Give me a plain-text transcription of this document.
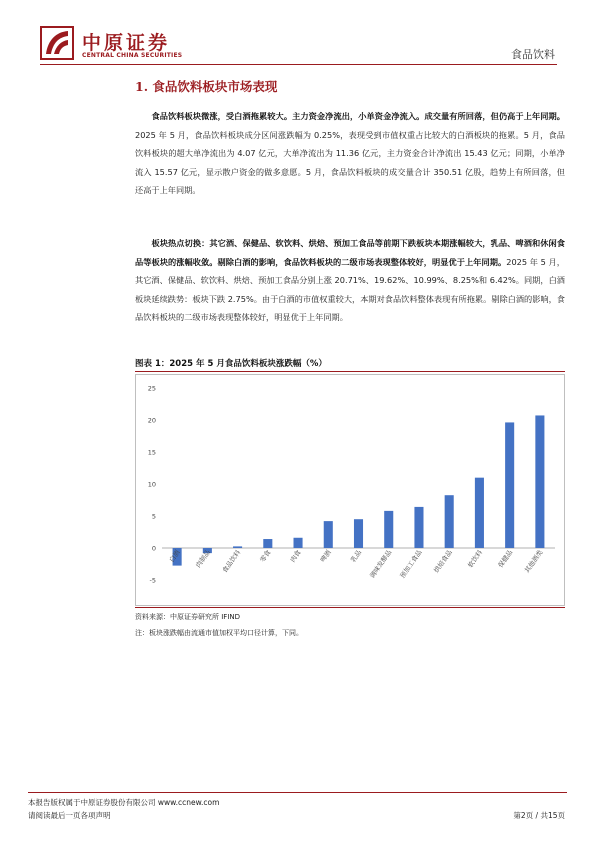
中原证券
CENTRAL CHINA SECURITIES	食品饮料
1. 食品饮料板块市场表现
  食品饮料板块微涨，受白酒拖累较大。主力资金净流出，小单资金净流入。成交量有所回落，但仍高于上年同期。2025 年 5 月，食品饮料板块成分区间涨跌幅为 0.25%，表现受到市值权重占比较大的白酒板块的拖累。5 月，食品饮料板块的超大单净流出为 4.07 亿元，大单净流出为 11.36 亿元，主力资金合计净流出 15.43 亿元；同期，小单净流入 15.57 亿元，显示散户资金的做多意愿。5 月，食品饮料板块的成交量合计 350.51 亿股，趋势上有所回落，但还高于上年同期。
  板块热点切换：其它酒、保健品、软饮料、烘焙、预加工食品等前期下跌板块本期涨幅较大，乳品、啤酒和休闲食品等板块的涨幅收敛。剔除白酒的影响，食品饮料板块的二级市场表现整体较好，明显优于上年同期。2025 年 5 月，其它酒、保健品、软饮料、烘焙、预加工食品分别上涨 20.71%、19.62%、10.99%、8.25%和 6.42%。同期，白酒板块延续跌势：板块下跌 2.75%。由于白酒的市值权重较大，本期对食品饮料整体表现有所拖累。剔除白酒的影响，食品饮料板块的二级市场表现整体较好，明显优于上年同期。
图表 1：2025 年 5 月食品饮料板块涨跌幅（%）
-5
0
5
10
15
20
25
白酒 肉制品 食品饮料 零食 肉食 啤酒 乳品 调味发酵品 预加工食品 烘焙食品 软饮料 保健品 其他酒类
资料来源：中原证券研究所 IFIND
注：板块涨跌幅由流通市值加权平均口径计算，下同。
本报告版权属于中原证券股份有限公司 www.ccnew.com
请阅读最后一页各项声明	第2页 / 共15页
